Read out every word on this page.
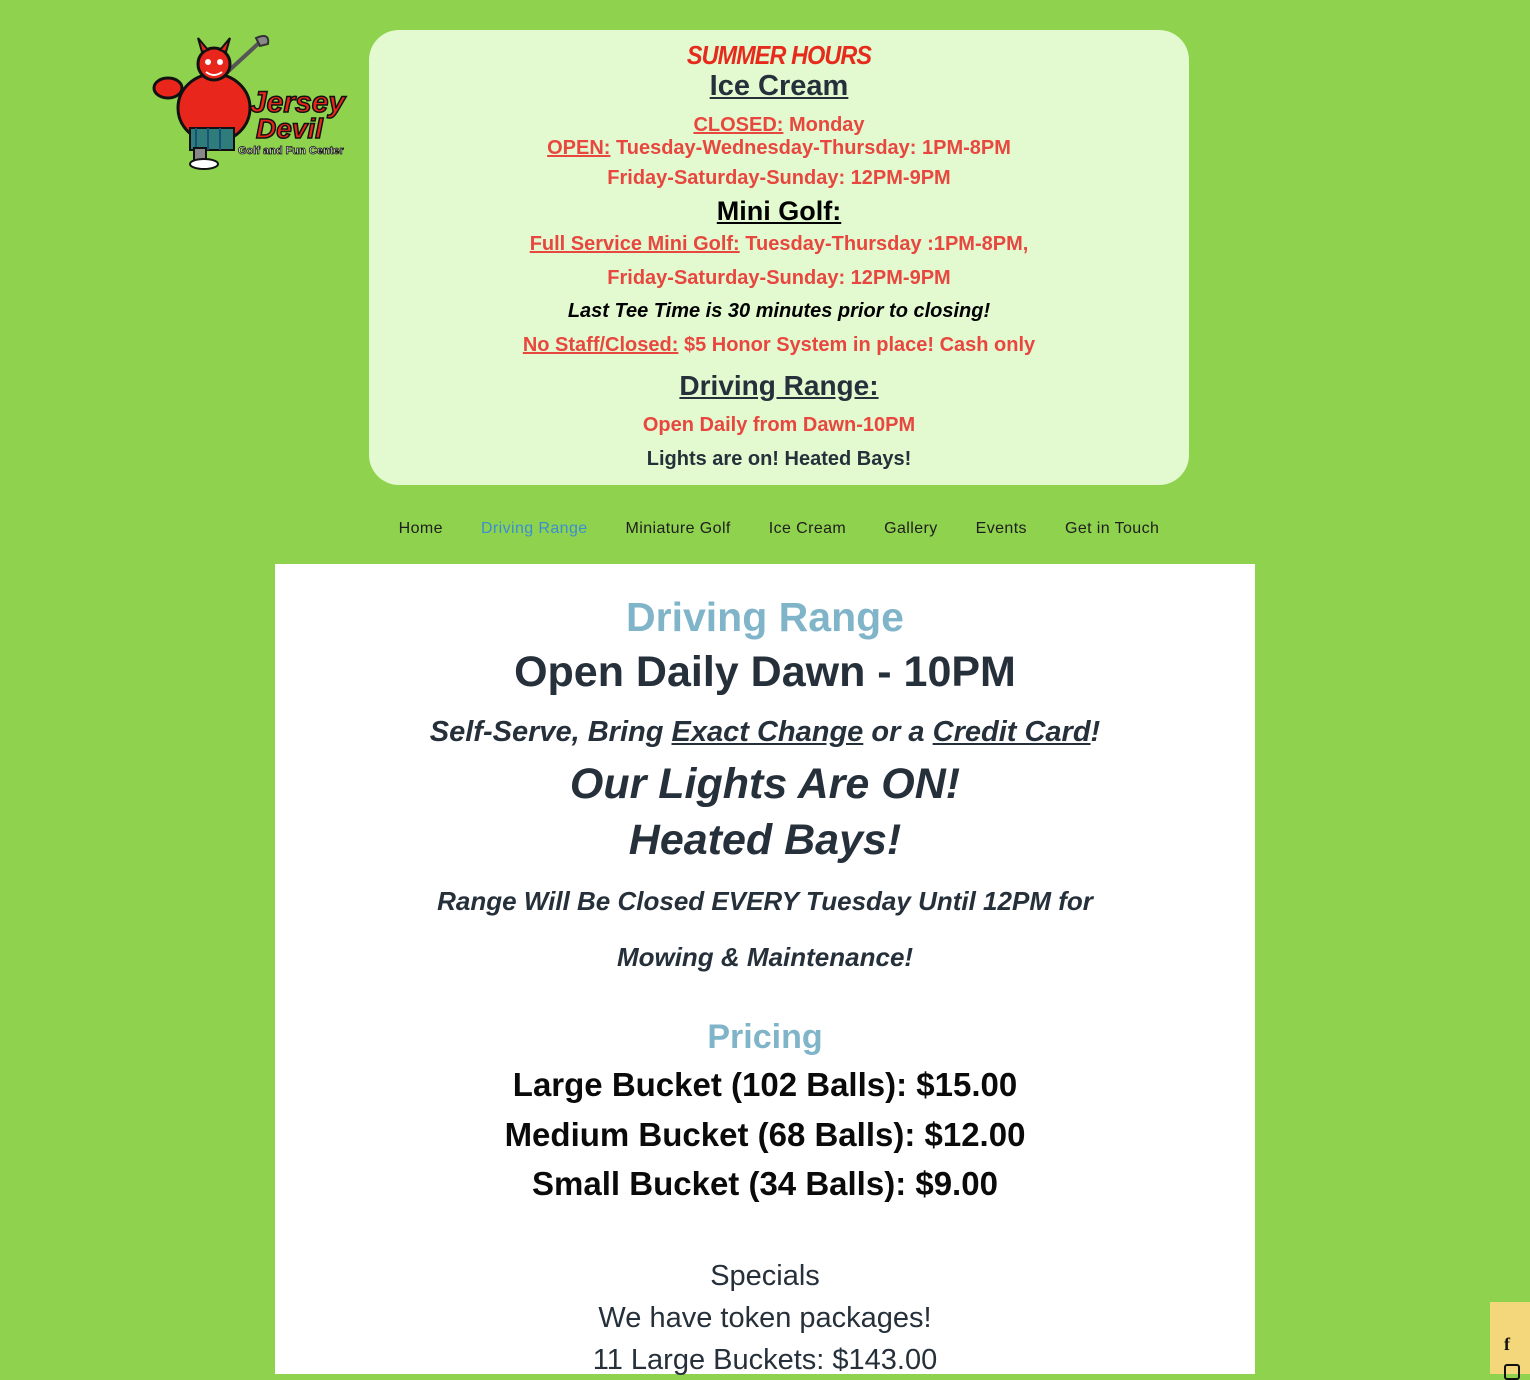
Jersey
Devil
Golf and Fun Center
SUMMER HOURS
Ice Cream
CLOSED: Monday
OPEN: Tuesday-Wednesday-Thursday: 1PM-8PM
Friday-Saturday-Sunday: 12PM-9PM
Mini Golf:
Full Service Mini Golf: Tuesday-Thursday :1PM-8PM,
Friday-Saturday-Sunday: 12PM-9PM
Last Tee Time is 30 minutes prior to closing!
No Staff/Closed: $5 Honor System in place! Cash only
Driving Range:
Open Daily from Dawn-10PM
Lights are on! Heated Bays!
Home	Driving Range	Miniature Golf	Ice Cream	Gallery	Events	Get in Touch
Driving Range
Open Daily Dawn - 10PM
Self-Serve, Bring Exact Change or a Credit Card!
Our Lights Are ON!
Heated Bays!
Range Will Be Closed EVERY Tuesday Until 12PM for
Mowing & Maintenance!
Pricing
Large Bucket (102 Balls): $15.00
Medium Bucket (68 Balls): $12.00
Small Bucket (34 Balls): $9.00
Specials
We have token packages!
11 Large Buckets: $143.00	f
